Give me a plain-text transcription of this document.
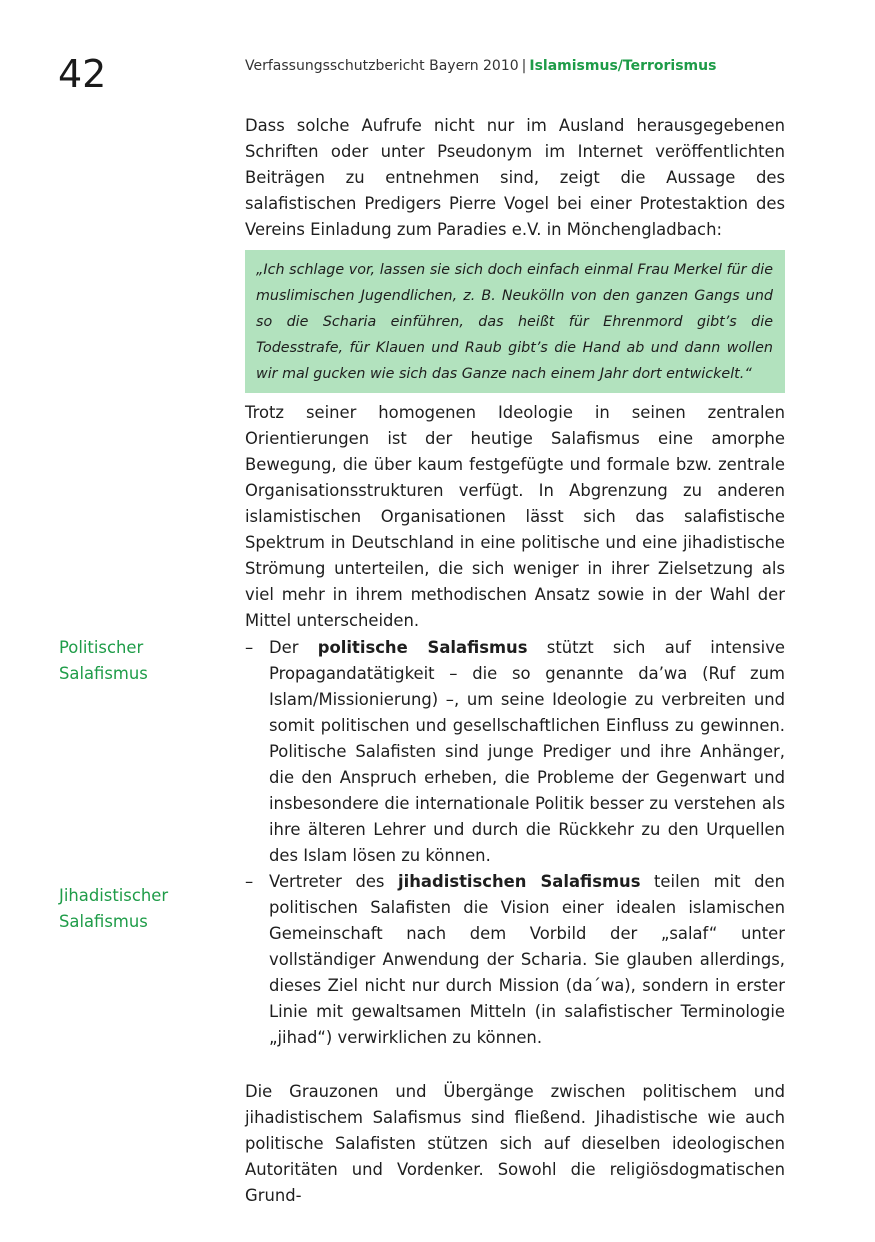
42	Verfassungsschutzbericht Bayern 2010 | Islamismus/Terrorismus

Dass solche Aufrufe nicht nur im Ausland herausgegebenen Schriften oder unter Pseudonym im Internet veröffentlichten Beiträgen zu entnehmen sind, zeigt die Aussage des salafistischen Predigers Pierre Vogel bei einer Protestaktion des Vereins Einladung zum Paradies e.V. in Mönchengladbach:

„Ich schlage vor, lassen sie sich doch einfach einmal Frau Merkel für die muslimischen Jugendlichen, z. B. Neukölln von den ganzen Gangs und so die Scharia einführen, das heißt für Ehrenmord gibt’s die Todesstrafe, für Klauen und Raub gibt’s die Hand ab und dann wollen wir mal gucken wie sich das Ganze nach einem Jahr dort entwickelt.“

Trotz seiner homogenen Ideologie in seinen zentralen Orientierungen ist der heutige Salafismus eine amorphe Bewegung, die über kaum festgefügte und formale bzw. zentrale Organisationsstrukturen verfügt. In Abgrenzung zu anderen islamistischen Organisationen lässt sich das salafistische Spektrum in Deutschland in eine politische und eine jihadistische Strömung unterteilen, die sich weniger in ihrer Zielsetzung als viel mehr in ihrem methodischen Ansatz sowie in der Wahl der Mittel unterscheiden.

Politischer
Salafismus
Jihadistischer
Salafismus
– Der politische Salafismus stützt sich auf intensive Propagandatätigkeit – die so genannte da’wa (Ruf zum Islam/Missionierung) –, um seine Ideologie zu verbreiten und somit politischen und gesellschaftlichen Einfluss zu gewinnen. Politische Salafisten sind junge Prediger und ihre Anhänger, die den Anspruch erheben, die Probleme der Gegenwart und insbesondere die internationale Politik besser zu verstehen als ihre älteren Lehrer und durch die Rückkehr zu den Urquellen des Islam lösen zu können.
– Vertreter des jihadistischen Salafismus teilen mit den politischen Salafisten die Vision einer idealen islamischen Gemeinschaft nach dem Vorbild der „salaf“ unter vollständiger Anwendung der Scharia. Sie glauben allerdings, dieses Ziel nicht nur durch Mission (da´wa), sondern in erster Linie mit gewaltsamen Mitteln (in salafistischer Terminologie „jihad“) verwirklichen zu können.

Die Grauzonen und Übergänge zwischen politischem und jihadistischem Salafismus sind fließend. Jihadistische wie auch politische Salafisten stützen sich auf dieselben ideologischen Autoritäten und Vordenker. Sowohl die religiösdogmatischen Grund-
